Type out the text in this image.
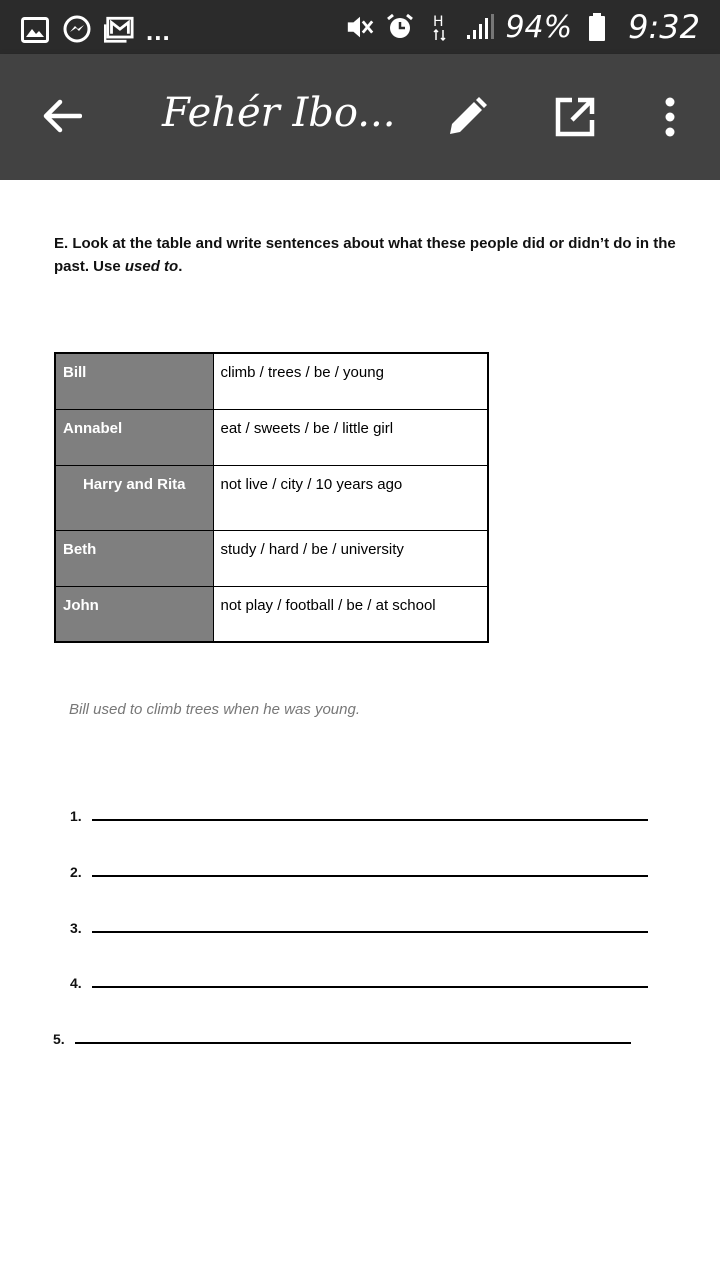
...	H 94% 9:32
Fehér Ibo...

E. Look at the table and write sentences about what these people did or didn’t do in the past. Use used to.

Bill	climb / trees / be / young
Annabel	eat / sweets / be / little girl
Harry and Rita	not live / city / 10 years ago
Beth	study / hard / be / university
John	not play / football / be / at school

Bill used to climb trees when he was young.

1.
2.
3.
4.
5.
